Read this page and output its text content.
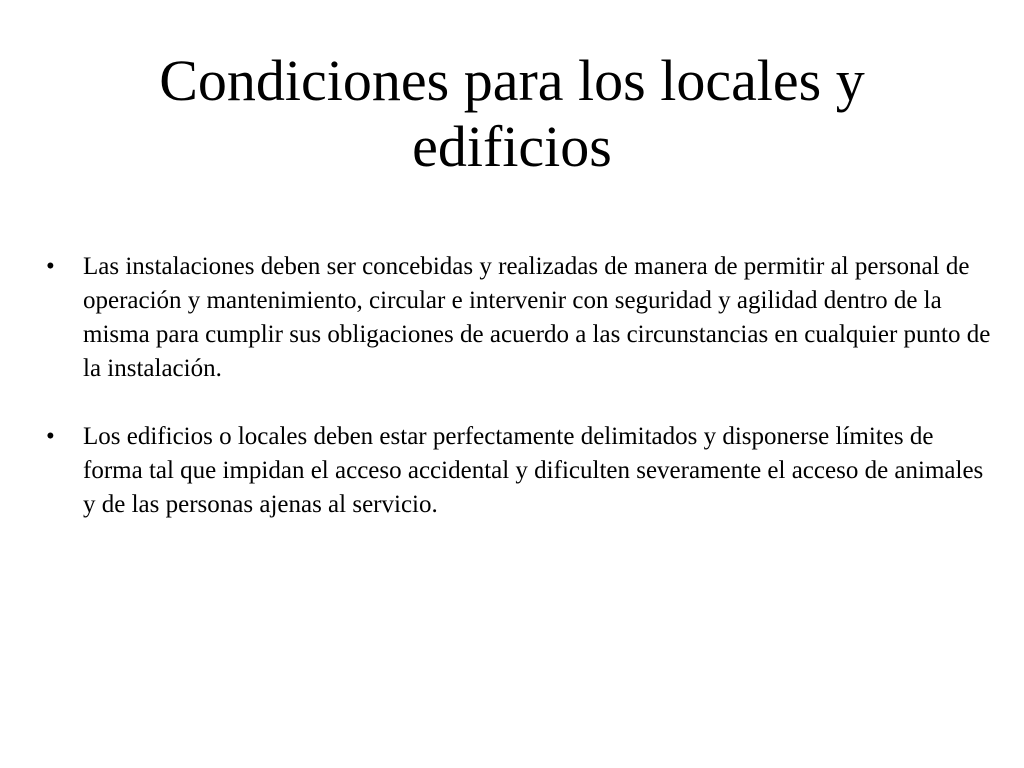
Condiciones para los locales y edificios
• Las instalaciones deben ser concebidas y realizadas de manera de permitir al personal de operación y mantenimiento, circular e intervenir con seguridad y agilidad dentro de la misma para cumplir sus obligaciones de acuerdo a las circunstancias en cualquier punto de la instalación.
• Los edificios o locales deben estar perfectamente delimitados y disponerse límites de forma tal que impidan el acceso accidental y dificulten severamente el acceso de animales y de las personas ajenas al servicio.
